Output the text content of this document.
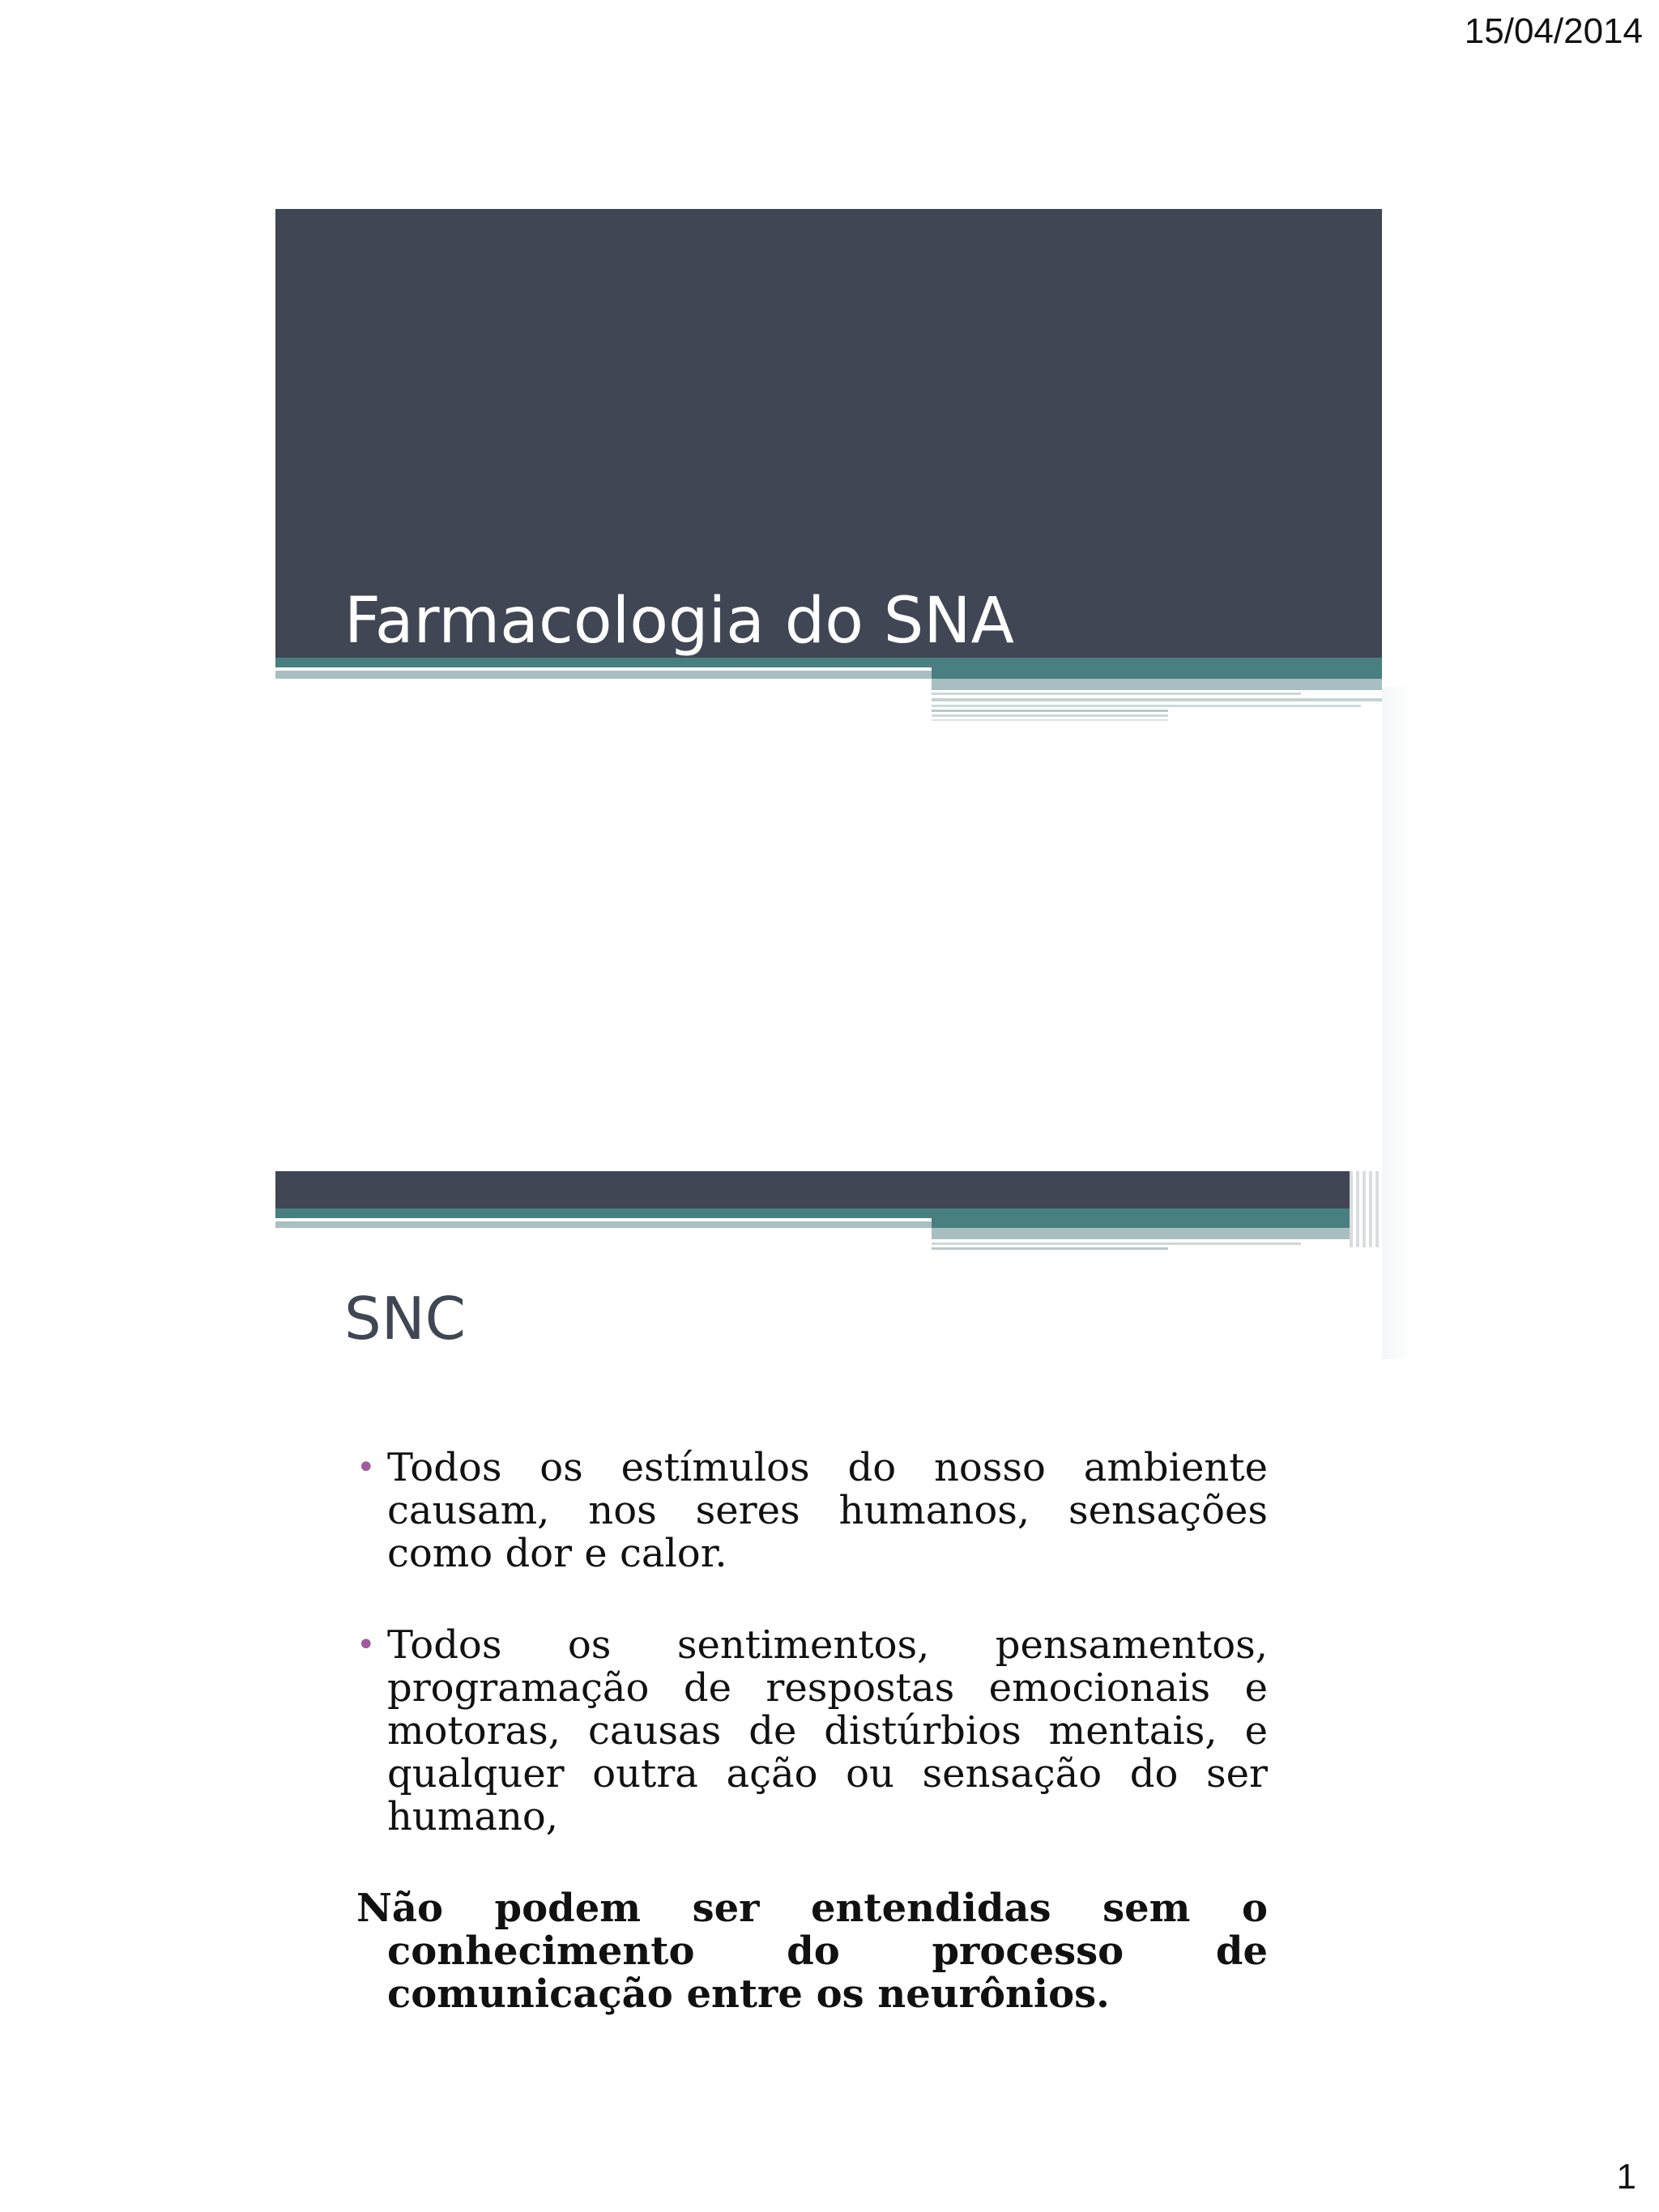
15/04/2014
Farmacologia do SNA
SNC
• Todos os estímulos do nosso ambiente causam, nos seres humanos, sensações como dor e calor.
• Todos os sentimentos, pensamentos, programação de respostas emocionais e motoras, causas de distúrbios mentais, e qualquer outra ação ou sensação do ser humano,
Não podem ser entendidas sem o conhecimento do processo de comunicação entre os neurônios.
1
